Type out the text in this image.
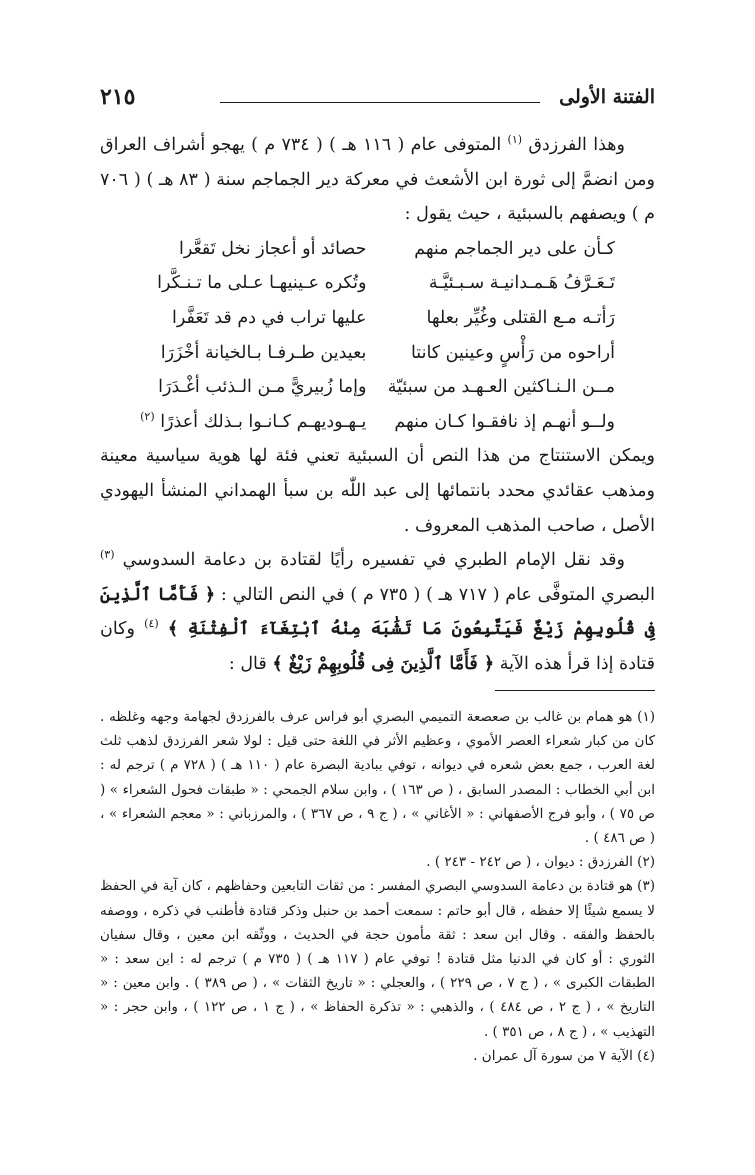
الفتنة الأولى
٢١٥

وهذا الفرزدق $^{(١)}$ المتوفى عام ( ١١٦ هـ ) ( ٧٣٤ م ) يهجو أشراف العراق ومن انضمَّ إلى ثورة ابن الأشعث في معركة دير الجماجم سنة ( ٨٣ هـ ) ( ٧٠٦ م ) ويصفهم بالسبئية ، حيث يقول :

كـأن على دير الجماجم منهم
حصائد أو أعجاز نخل تَقعَّرا
تَـعَـرَّفُ هَـمـدانيـة سـبـئيَّـة
وتُكره عـينيهـا عـلى ما تـنـكَّرا
رَأتـه مـع القتلى وغُيِّر بعلها
عليها تراب في دم قد تَعَفَّرا
أراحوه من رَأْسٍ وعينين كانتا
بعيدين طـرفـا بـالخيانة أخْزَرَا
مــن الـنـاكثين العـهـد من سبئيّة
وإما زُبيريًّ مـن الـذئب أغْـدَرَا
ولــو أنهـم إذ نافقـوا كـان منهم
يـهـوديهـم كـانـوا بـذلك أعذرًا $^{(٢)}$

ويمكن الاستنتاج من هذا النص أن السبئية تعني فئة لها هوية سياسية معينة ومذهب عقائدي محدد بانتمائها إلى عبد اللّٰه بن سبأ الهمداني المنشأ اليهودي الأصل ، صاحب المذهب المعروف .

وقد نقل الإمام الطبري في تفسيره رأيًا لقتادة بن دعامة السدوسي $^{(٣)}$ البصري المتوفَّى عام ( ٧١٧ هـ ) ( ٧٣٥ م ) في النص التالي : ﴿ فَأَمَّا ٱلَّذِينَ فِى قُلُوبِهِمْ زَيْغٌ فَيَتَّبِعُونَ مَا تَشَٰبَهَ مِنْهُ ٱبْتِغَآءَ ٱلْفِتْنَةِ ﴾ $^{(٤)}$ وكان قتادة إذا قرأ هذه الآية ﴿ فَأَمَّا ٱلَّذِينَ فِى قُلُوبِهِمْ زَيْغٌ ﴾ قال :

(١) هو همام بن غالب بن صعصعة التميمي البصري أبو فراس عرف بالفرزدق لجهامة وجهه وغلظه . كان من كبار شعراء العصر الأموي ، وعظيم الأثر في اللغة حتى قيل : لولا شعر الفرزدق لذهب ثلث لغة العرب ، جمع بعض شعره في ديوانه ، توفي ببادية البصرة عام ( ١١٠ هـ ) ( ٧٢٨ م ) ترجم له : ابن أبي الخطاب : المصدر السابق ، ( ص ١٦٣ ) ، وابن سلام الجمحي : « طبقات فحول الشعراء » ( ص ٧٥ ) ، وأبو فرج الأصفهاني : « الأغاني » ، ( ج ٩ ، ص ٣٦٧ ) ، والمرزباني : « معجم الشعراء » ، ( ص ٤٨٦ ) .

(٢) الفرزدق : ديوان ، ( ص ٢٤٢ - ٢٤٣ ) .

(٣) هو قتادة بن دعامة السدوسي البصري المفسر : من ثقات التابعين وحفاظهم ، كان آية في الحفظ لا يسمع شيئًا إلا حفظه ، قال أبو حاتم : سمعت أحمد بن حنبل وذكر قتادة فأطنب في ذكره ، ووصفه بالحفظ والفقه . وقال ابن سعد : ثقة مأمون حجة في الحديث ، ووثّقه ابن معين ، وقال سفيان الثوري : أو كان في الدنيا مثل قتادة ! توفي عام ( ١١٧ هـ ) ( ٧٣٥ م ) ترجم له : ابن سعد : « الطبقات الكبرى » ، ( ج ٧ ، ص ٢٢٩ ) ، والعجلي : « تاريخ الثقات » ، ( ص ٣٨٩ ) . وابن معين : « التاريخ » ، ( ج ٢ ، ص ٤٨٤ ) ، والذهبي : « تذكرة الحفاظ » ، ( ج ١ ، ص ١٢٢ ) ، وابن حجر : « التهذيب » ، ( ج ٨ ، ص ٣٥١ ) .

(٤) الآية ٧ من سورة آل عمران .
